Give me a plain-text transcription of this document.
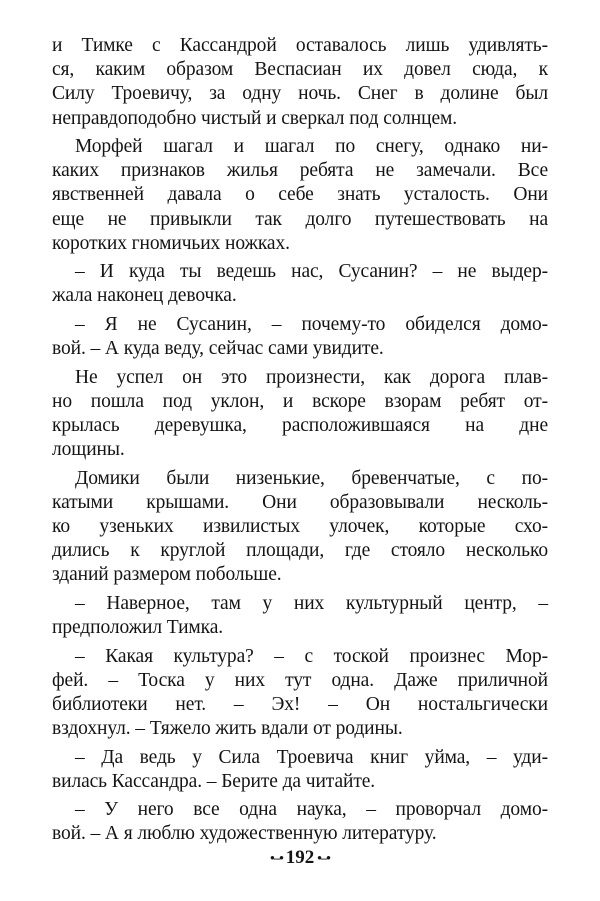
и Тимке с Кассандрой оставалось лишь удивлять-
ся, каким образом Веспасиан их довел сюда, к
Силу Троевичу, за одну ночь. Снег в долине был
неправдоподобно чистый и сверкал под солнцем.
Морфей шагал и шагал по снегу, однако ни-
каких признаков жилья ребята не замечали. Все
явственней давала о себе знать усталость. Они
еще не привыкли так долго путешествовать на
коротких гномичьих ножках.
– И куда ты ведешь нас, Сусанин? – не выдер-
жала наконец девочка.
– Я не Сусанин, – почему-то обиделся домо-
вой. – А куда веду, сейчас сами увидите.
Не успел он это произнести, как дорога плав-
но пошла под уклон, и вскоре взорам ребят от-
крылась деревушка, расположившаяся на дне
лощины.
Домики были низенькие, бревенчатые, с по-
катыми крышами. Они образовывали несколь-
ко узеньких извилистых улочек, которые схо-
дились к круглой площади, где стояло несколько
зданий размером побольше.
– Наверное, там у них культурный центр, –
предположил Тимка.
– Какая культура? – с тоской произнес Мор-
фей. – Тоска у них тут одна. Даже приличной
библиотеки нет. – Эх! – Он ностальгически
вздохнул. – Тяжело жить вдали от родины.
– Да ведь у Сила Троевича книг уйма, – уди-
вилась Кассандра. – Берите да читайте.
– У него все одна наука, – проворчал домо-
вой. – А я люблю художественную литературу.
•–• 192 •–•
